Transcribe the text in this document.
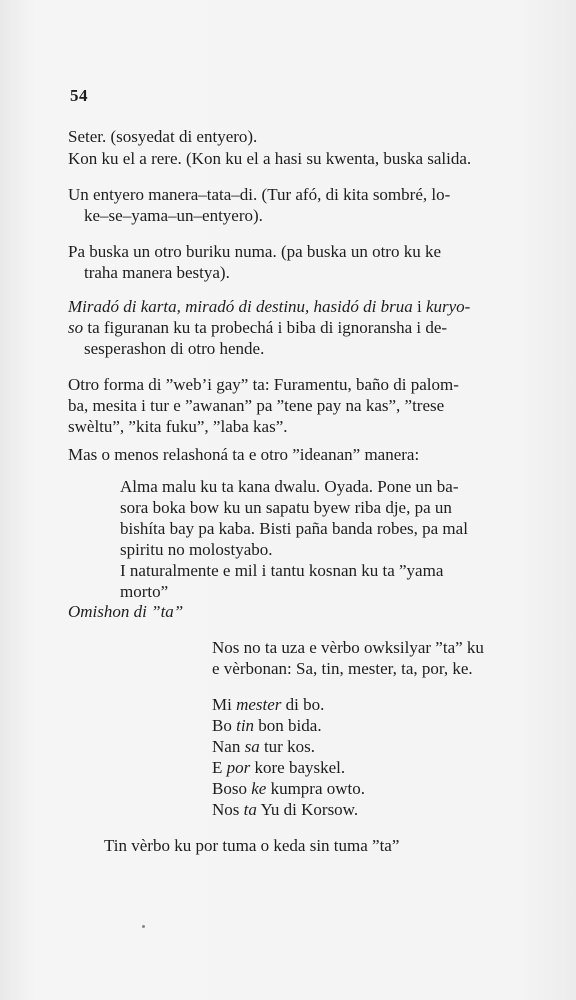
54
Seter. (sosyedat di entyero).
Kon ku el a rere. (Kon ku el a hasi su kwenta, buska salida.
Un entyero manera–tata–di. (Tur afó, di kita sombré, lo-
ke–se–yama–un–entyero).
Pa buska un otro buriku numa. (pa buska un otro ku ke
traha manera bestya).
Miradó di karta, miradó di destinu, hasidó di brua i kuryo-
so ta figuranan ku ta probechá i biba di ignoransha i de-
sesperashon di otro hende.
Otro forma di ”web’i gay” ta: Furamentu, baño di palom-
ba, mesita i tur e ”awanan” pa ”tene pay na kas”, ”trese
swèltu”, ”kita fuku”, ”laba kas”.
Mas o menos relashoná ta e otro ”ideanan” manera:
Alma malu ku ta kana dwalu. Oyada. Pone un ba-
sora boka bow ku un sapatu byew riba dje, pa un
bishíta bay pa kaba. Bisti paña banda robes, pa mal
spiritu no molostyabo.
I naturalmente e mil i tantu kosnan ku ta ”yama
morto”
Omishon di ”ta”
Nos no ta uza e vèrbo owksilyar ”ta” ku
e vèrbonan: Sa, tin, mester, ta, por, ke.
Mi mester di bo.
Bo tin bon bida.
Nan sa tur kos.
E por kore bayskel.
Boso ke kumpra owto.
Nos ta Yu di Korsow.
Tin vèrbo ku por tuma o keda sin tuma ”ta”
